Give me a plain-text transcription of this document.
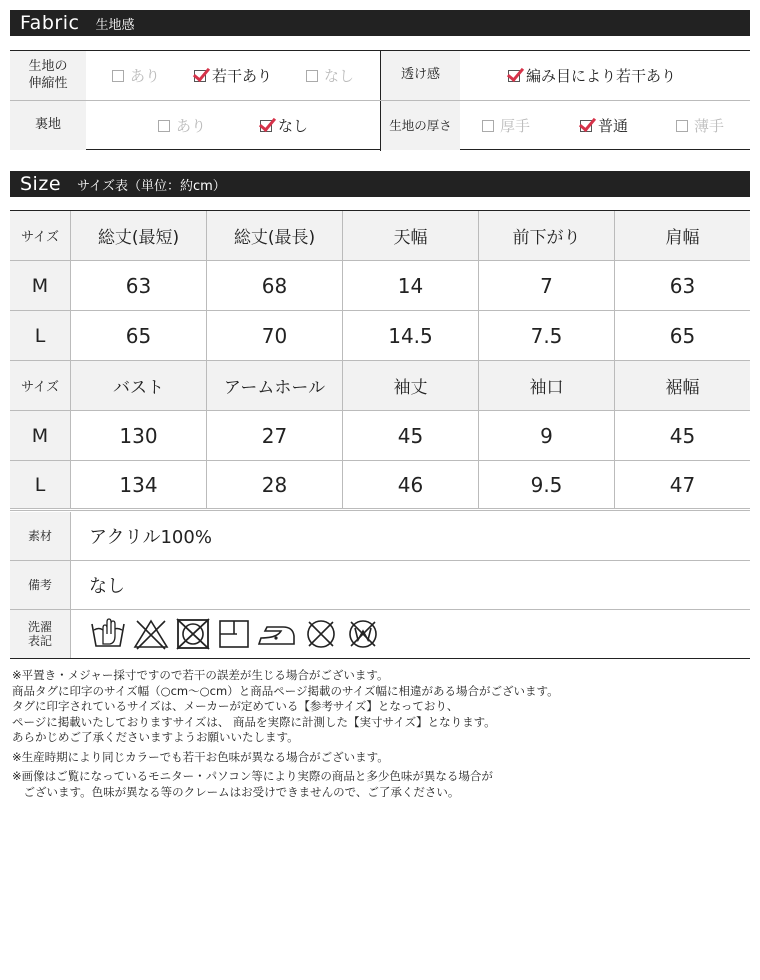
Fabric 生地感
生地の
伸縮性	あり	若干あり	なし	透け感	編み目により若干あり
裏地	あり	なし	生地の厚さ	厚手	普通	薄手
Size サイズ表（単位：約cm）
サイズ	総丈(最短)	総丈(最長)	天幅	前下がり	肩幅
M	63	68	14	7	63
L	65	70	14.5	7.5	65
サイズ	バスト	アームホール	袖丈	袖口	裾幅
M	130	27	45	9	45
L	134	28	46	9.5	47
素材	アクリル100%
備考	なし
洗濯
表記

※平置き・メジャー採寸ですので若干の誤差が生じる場合がございます。

商品タグに印字のサイズ幅（○cm〜○cm）と商品ページ掲載のサイズ幅に相違がある場合がございます。

タグに印字されているサイズは、メーカーが定めている【参考サイズ】となっており、

ページに掲載いたしておりますサイズは、 商品を実際に計測した【実寸サイズ】となります。

あらかじめご了承くださいますようお願いいたします。

※生産時期により同じカラーでも若干お色味が異なる場合がございます。

※画像はご覧になっているモニター・パソコン等により実際の商品と多少色味が異なる場合が

　ございます。色味が異なる等のクレームはお受けできませんので、ご了承ください。
